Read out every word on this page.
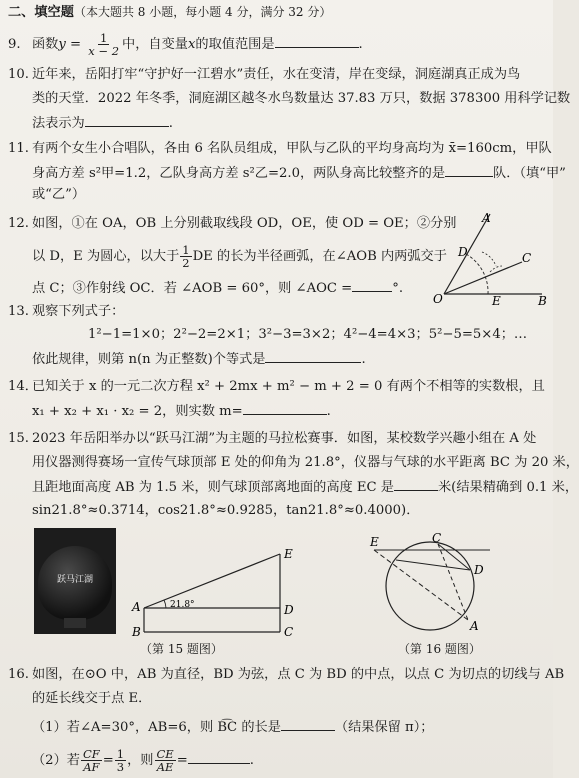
二、填空题（本大题共 8 小题，每小题 4 分，满分 32 分）
9. 函数$y = \frac{1}{x - 2}$ 中，自变量x的取值范围是	.
10. 近年来，岳阳打牢“守护好一江碧水”责任，水在变清，岸在变绿，洞庭湖真正成为鸟
类的天堂．2022 年冬季，洞庭湖区越冬水鸟数量达 37.83 万只，数据 378300 用科学记数
法表示为	.
11. 有两个女生小合唱队，各由 6 名队员组成，甲队与乙队的平均身高均为 x̄=160cm，甲队
身高方差 s²甲=1.2，乙队身高方差 s²乙=2.0，两队身高比较整齐的是	队．（填“甲”
或“乙”）
12. 如图，①在 OA，OB 上分别截取线段 OD，OE，使 OD = OE；②分别
以 D，E 为圆心，以大于 $\frac{1}{2}$ DE 的长为半径画弧，在∠AOB 内两弧交于
点 C；③作射线 OC．若 ∠AOB = 60°，则 ∠AOC =	°.
A
D	C
O	E	B
13. 观察下列式子：
1²−1=1×0；2²−2=2×1；3²−3=3×2；4²−4=4×3；5²−5=5×4；…
依此规律，则第 n(n 为正整数)个等式是	.
14．已知关于 x 的一元二次方程 x² + 2mx + m² − m + 2 = 0 有两个不相等的实数根，且
x₁ + x₂ + x₁ · x₂ = 2，则实数 m=	.
15. 2023 年岳阳举办以“跃马江湖”为主题的马拉松赛事．如图，某校数学兴趣小组在 A 处
用仪器测得赛场一宣传气球顶部 E 处的仰角为 21.8°，仪器与气球的水平距离 BC 为 20 米，
且距地面高度 AB 为 1.5 米，则气球顶部离地面的高度 EC 是	米(结果精确到 0.1 米，
sin21.8°≈0.3714，cos21.8°≈0.9285，tan21.8°≈0.4000)．
跃马江湖
21.8°
E
A	D
B	C
（第 15 题图）
E	C
D
A
（第 16 题图）
16. 如图，在⊙O 中，AB 为直径，BD 为弦，点 C 为 BD 的中点，以点 C 为切点的切线与 AB
的延长线交于点 E．
（1）若∠A=30°，AB=6，则 B͡C 的长是	（结果保留 π）；
（2）若 $\frac{CF}{AF} = \frac{1}{3}$ ，则 $\frac{CE}{AE}$ =	.
